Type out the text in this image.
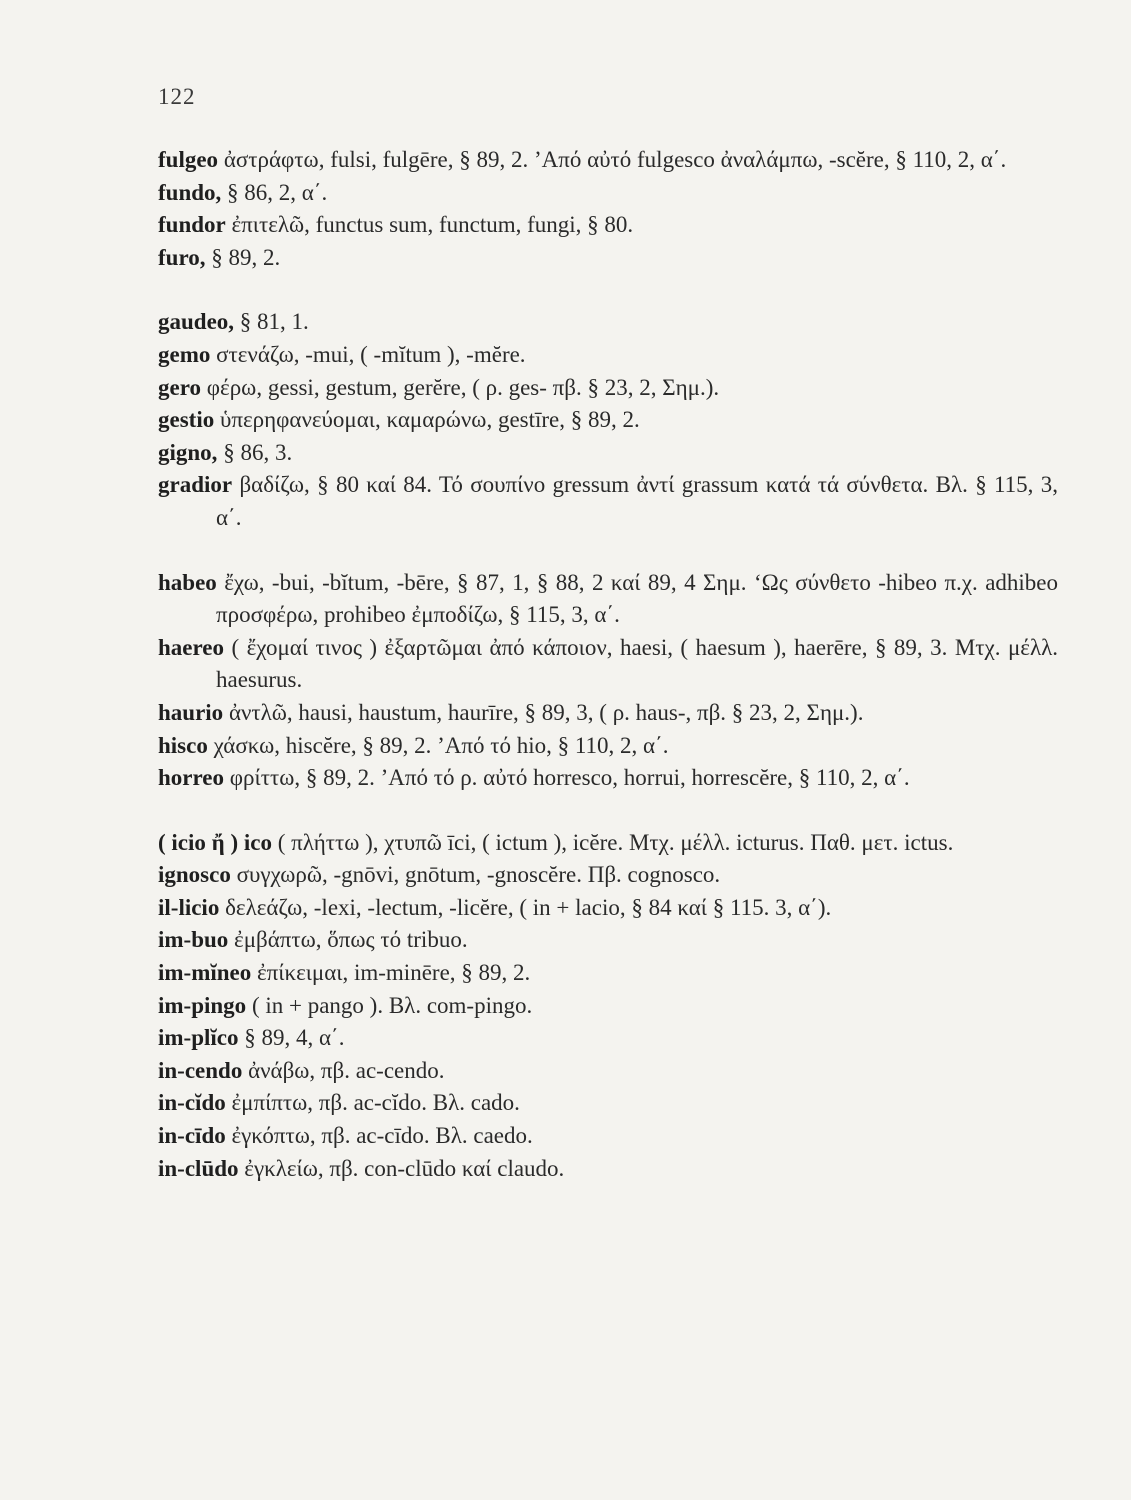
122

fulgeo ἀστράφτω, fulsi, fulgēre, § 89, 2. ’Από αὐτό fulgesco ἀναλάμπω, -scĕre, § 110, 2, α΄.

fundo, § 86, 2, α΄.

fundor ἐπιτελῶ, functus sum, functum, fungi, § 80.

furo, § 89, 2.

gaudeo, § 81, 1.

gemo στενάζω, -mui, ( -mĭtum ), -mĕre.

gero φέρω, gessi, gestum, gerĕre, ( ρ. ges- πβ. § 23, 2, Σημ.).

gestio ὑπερηφανεύομαι, καμαρώνω, gestīre, § 89, 2.

gigno, § 86, 3.

gradior βαδίζω, § 80 καί 84. Τό σουπίνο gressum ἀντί grassum κατά τά σύνθετα. Βλ. § 115, 3, α΄.

habeo ἔχω, -bui, -bĭtum, -bēre, § 87, 1, § 88, 2 καί 89, 4 Σημ. ‘Ως σύνθετο -hibeo π.χ. adhibeo προσφέρω, prohibeo ἐμποδίζω, § 115, 3, α΄.

haereo ( ἔχομαί τινος ) ἐξαρτῶμαι ἀπό κάποιον, haesi, ( haesum ), haerēre, § 89, 3. Μτχ. μέλλ. haesurus.

haurio ἀντλῶ, hausi, haustum, haurīre, § 89, 3, ( ρ. haus-, πβ. § 23, 2, Σημ.).

hisco χάσκω, hiscĕre, § 89, 2. ’Από τό hio, § 110, 2, α΄.

horreo φρίττω, § 89, 2. ’Από τό ρ. αὐτό horresco, horrui, horrescĕre, § 110, 2, α΄.

( icio ἤ ) ico ( πλήττω ), χτυπῶ īci, ( ictum ), icĕre. Μτχ. μέλλ. icturus. Παθ. μετ. ictus.

ignosco συγχωρῶ, -gnōvi, gnōtum, -gnoscĕre. Πβ. cognosco.

il-licio δελεάζω, -lexi, -lectum, -licĕre, ( in + lacio, § 84 καί § 115. 3, α΄).

im-buo ἐμβάπτω, ὅπως τό tribuo.

im-mĭneo ἐπίκειμαι, im-minēre, § 89, 2.

im-pingo ( in + pango ). Βλ. com-pingo.

im-plĭco § 89, 4, α΄.

in-cendo ἀνάβω, πβ. ac-cendo.

in-cĭdo ἐμπίπτω, πβ. ac-cĭdo. Βλ. cado.

in-cīdo ἐγκόπτω, πβ. ac-cīdo. Βλ. caedo.

in-clūdo ἐγκλείω, πβ. con-clūdo καί claudo.
